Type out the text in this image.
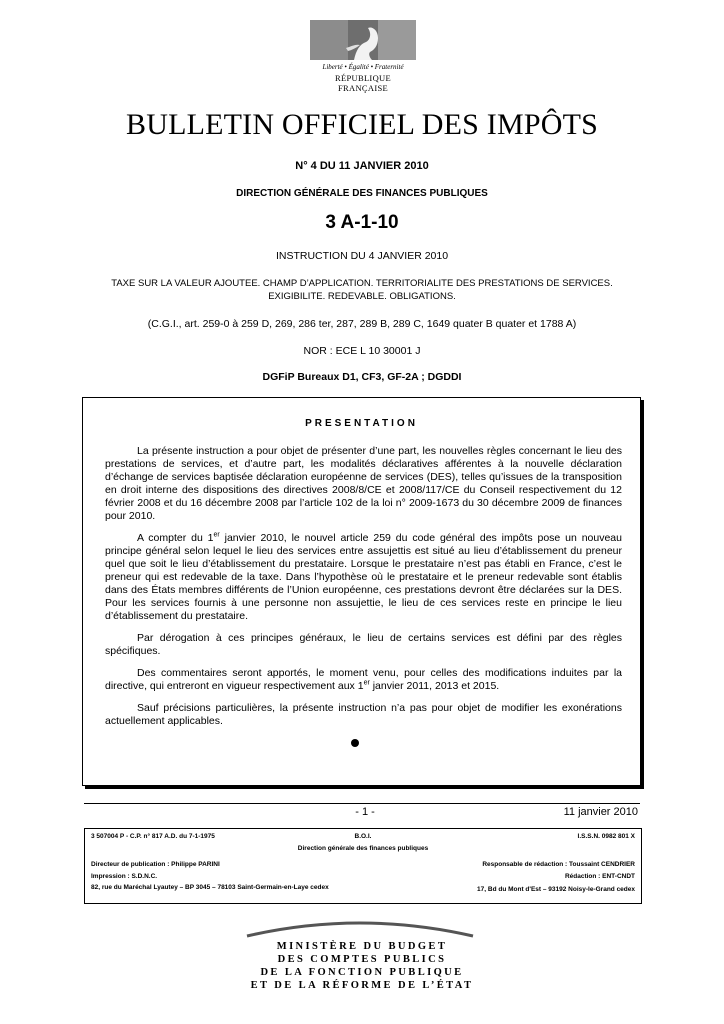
Liberté • Égalité • Fraternité
RÉPUBLIQUE FRANÇAISE
BULLETIN OFFICIEL DES IMPÔTS
N° 4 DU 11 JANVIER 2010
DIRECTION GÉNÉRALE DES FINANCES PUBLIQUES
3 A-1-10
INSTRUCTION DU 4 JANVIER 2010
TAXE SUR LA VALEUR AJOUTEE. CHAMP D’APPLICATION. TERRITORIALITE DES PRESTATIONS DE SERVICES.
EXIGIBILITE. REDEVABLE. OBLIGATIONS.
(C.G.I., art. 259-0 à 259 D, 269, 286 ter, 287, 289 B, 289 C, 1649 quater B quater et 1788 A)
NOR : ECE L 10 30001 J
DGFiP Bureaux D1, CF3, GF-2A ; DGDDI
PRESENTATION

La présente instruction a pour objet de présenter d’une part, les nouvelles règles concernant le lieu des prestations de services, et d’autre part, les modalités déclaratives afférentes à la nouvelle déclaration d’échange de services baptisée déclaration européenne de services (DES), telles qu’issues de la transposition en droit interne des dispositions des directives 2008/8/CE et 2008/117/CE du Conseil respectivement du 12 février 2008 et du 16 décembre 2008 par l’article 102 de la loi n° 2009-1673 du 30 décembre 2009 de finances pour 2010.

A compter du 1er janvier 2010, le nouvel article 259 du code général des impôts pose un nouveau principe général selon lequel le lieu des services entre assujettis est situé au lieu d’établissement du preneur quel que soit le lieu d’établissement du prestataire. Lorsque le prestataire n’est pas établi en France, c’est le preneur qui est redevable de la taxe. Dans l’hypothèse où le prestataire et le preneur redevable sont établis dans des États membres différents de l’Union européenne, ces prestations devront être déclarées sur la DES. Pour les services fournis à une personne non assujettie, le lieu de ces services reste en principe le lieu d’établissement du prestataire.

Par dérogation à ces principes généraux, le lieu de certains services est défini par des règles spécifiques.

Des commentaires seront apportés, le moment venu, pour celles des modifications induites par la directive, qui entreront en vigueur respectivement aux 1er janvier 2011, 2013 et 2015.

Sauf précisions particulières, la présente instruction n’a pas pour objet de modifier les exonérations actuellement applicables.

- 1 -	11 janvier 2010
3 507004 P - C.P. n° 817 A.D. du 7-1-1975	B.O.I.	I.S.S.N. 0982 801 X
Direction générale des finances publiques
Directeur de publication : Philippe PARINI	Responsable de rédaction : Toussaint CENDRIER
Impression : S.D.N.C.	Rédaction : ENT-CNDT
82, rue du Maréchal Lyautey – BP 3045 – 78103 Saint-Germain-en-Laye cedex	17, Bd du Mont d'Est – 93192 Noisy-le-Grand cedex
MINISTÈRE DU BUDGET
DES COMPTES PUBLICS
DE LA FONCTION PUBLIQUE
ET DE LA RÉFORME DE L’ÉTAT
